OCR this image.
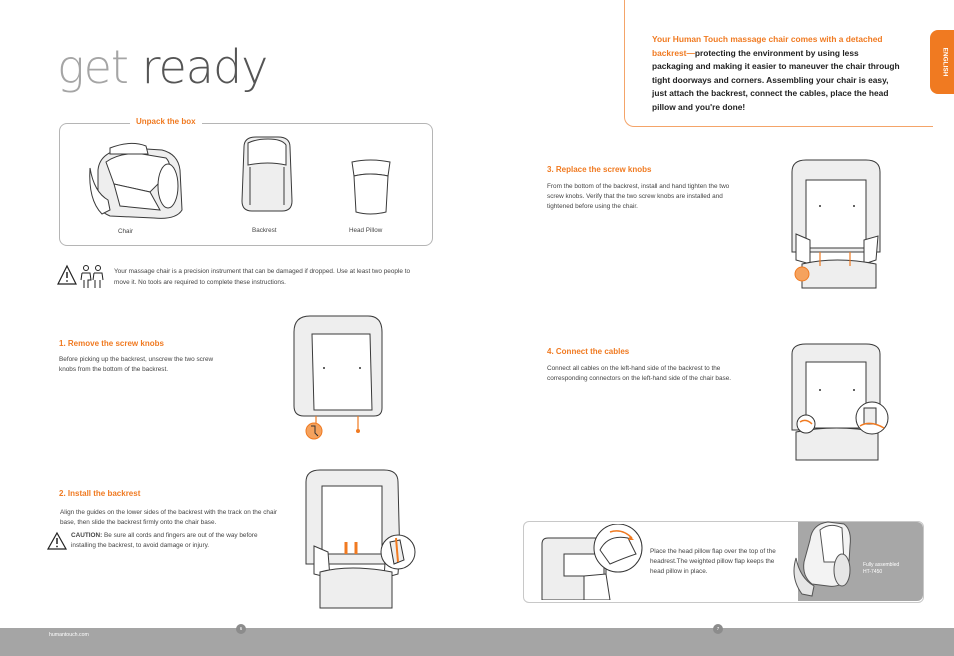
get ready
Your Human Touch massage chair comes with a detached backrest—protecting the environment by using less packaging and making it easier to maneuver the chair through tight doorways and corners. Assembling your chair is easy, just attach the backrest, connect the cables, place the head pillow and you're done!
ENGLISH
Unpack the box
Chair	Backrest	Head Pillow
Your massage chair is a precision instrument that can be damaged if dropped. Use at least two people to move it. No tools are required to complete these instructions.
1. Remove the screw knobs
Before picking up the backrest, unscrew the two screw knobs from the bottom of the backrest.
2. Install the backrest
Align the guides on the lower sides of the backrest with the track on the chair base, then slide the backrest firmly onto the chair base.
CAUTION: Be sure all cords and fingers are out of the way before installing the backrest, to avoid damage or injury.
3. Replace the screw knobs
From the bottom of the backrest, install and hand tighten the two screw knobs. Verify that the two screw knobs are installed and tightened before using the chair.
4. Connect the cables
Connect all cables on the left-hand side of the backrest to the corresponding connectors on the left-hand side of the chair base.
Place the head pillow flap over the top of the headrest.The weighted pillow flap keeps the head pillow in place.
Fully assembled
HT-7450
humantouch.com
6	7
